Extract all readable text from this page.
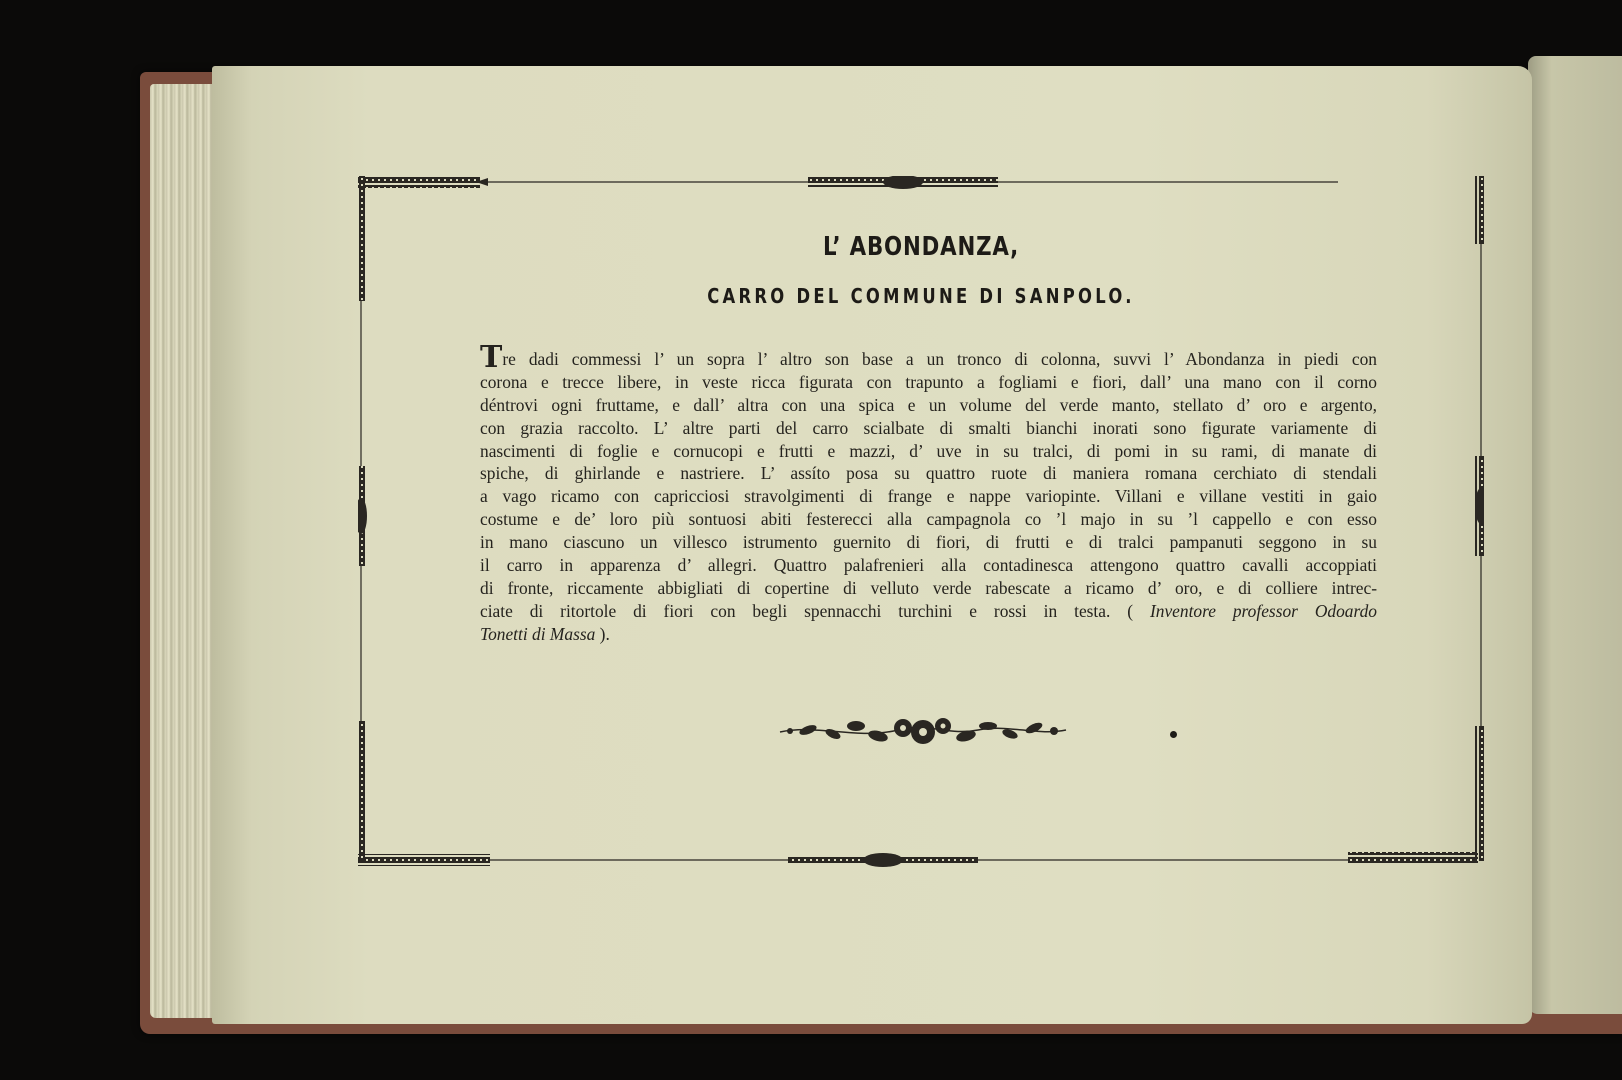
L’ ABONDANZA,
CARRO DEL COMMUNE DI SANPOLO.
Tre dadi commessi l’ un sopra l’ altro son base a un tronco di colonna, suvvi l’ Abondanza in piedi con
corona e trecce libere, in veste ricca figurata con trapunto a fogliami e fiori, dall’ una mano con il corno
déntrovi ogni fruttame, e dall’ altra con una spica e un volume del verde manto, stellato d’ oro e argento,
con grazia raccolto. L’ altre parti del carro scialbate di smalti bianchi inorati sono figurate variamente di
nascimenti di foglie e cornucopi e frutti e mazzi, d’ uve in su tralci, di pomi in su rami, di manate di
spiche, di ghirlande e nastriere. L’ assíto posa su quattro ruote di maniera romana cerchiato di stendali
a vago ricamo con capricciosi stravolgimenti di frange e nappe variopinte. Villani e villane vestiti in gaio
costume e de’ loro più sontuosi abiti festerecci alla campagnola co ’l majo in su ’l cappello e con esso
in mano ciascuno un villesco istrumento guernito di fiori, di frutti e di tralci pampanuti seggono in su
il carro in apparenza d’ allegri. Quattro palafrenieri alla contadinesca attengono quattro cavalli accoppiati
di fronte, riccamente abbigliati di copertine di velluto verde rabescate a ricamo d’ oro, e di colliere intrec-
ciate di ritortole di fiori con begli spennacchi turchini e rossi in testa. ( Inventore professor Odoardo
Tonetti di Massa ).
